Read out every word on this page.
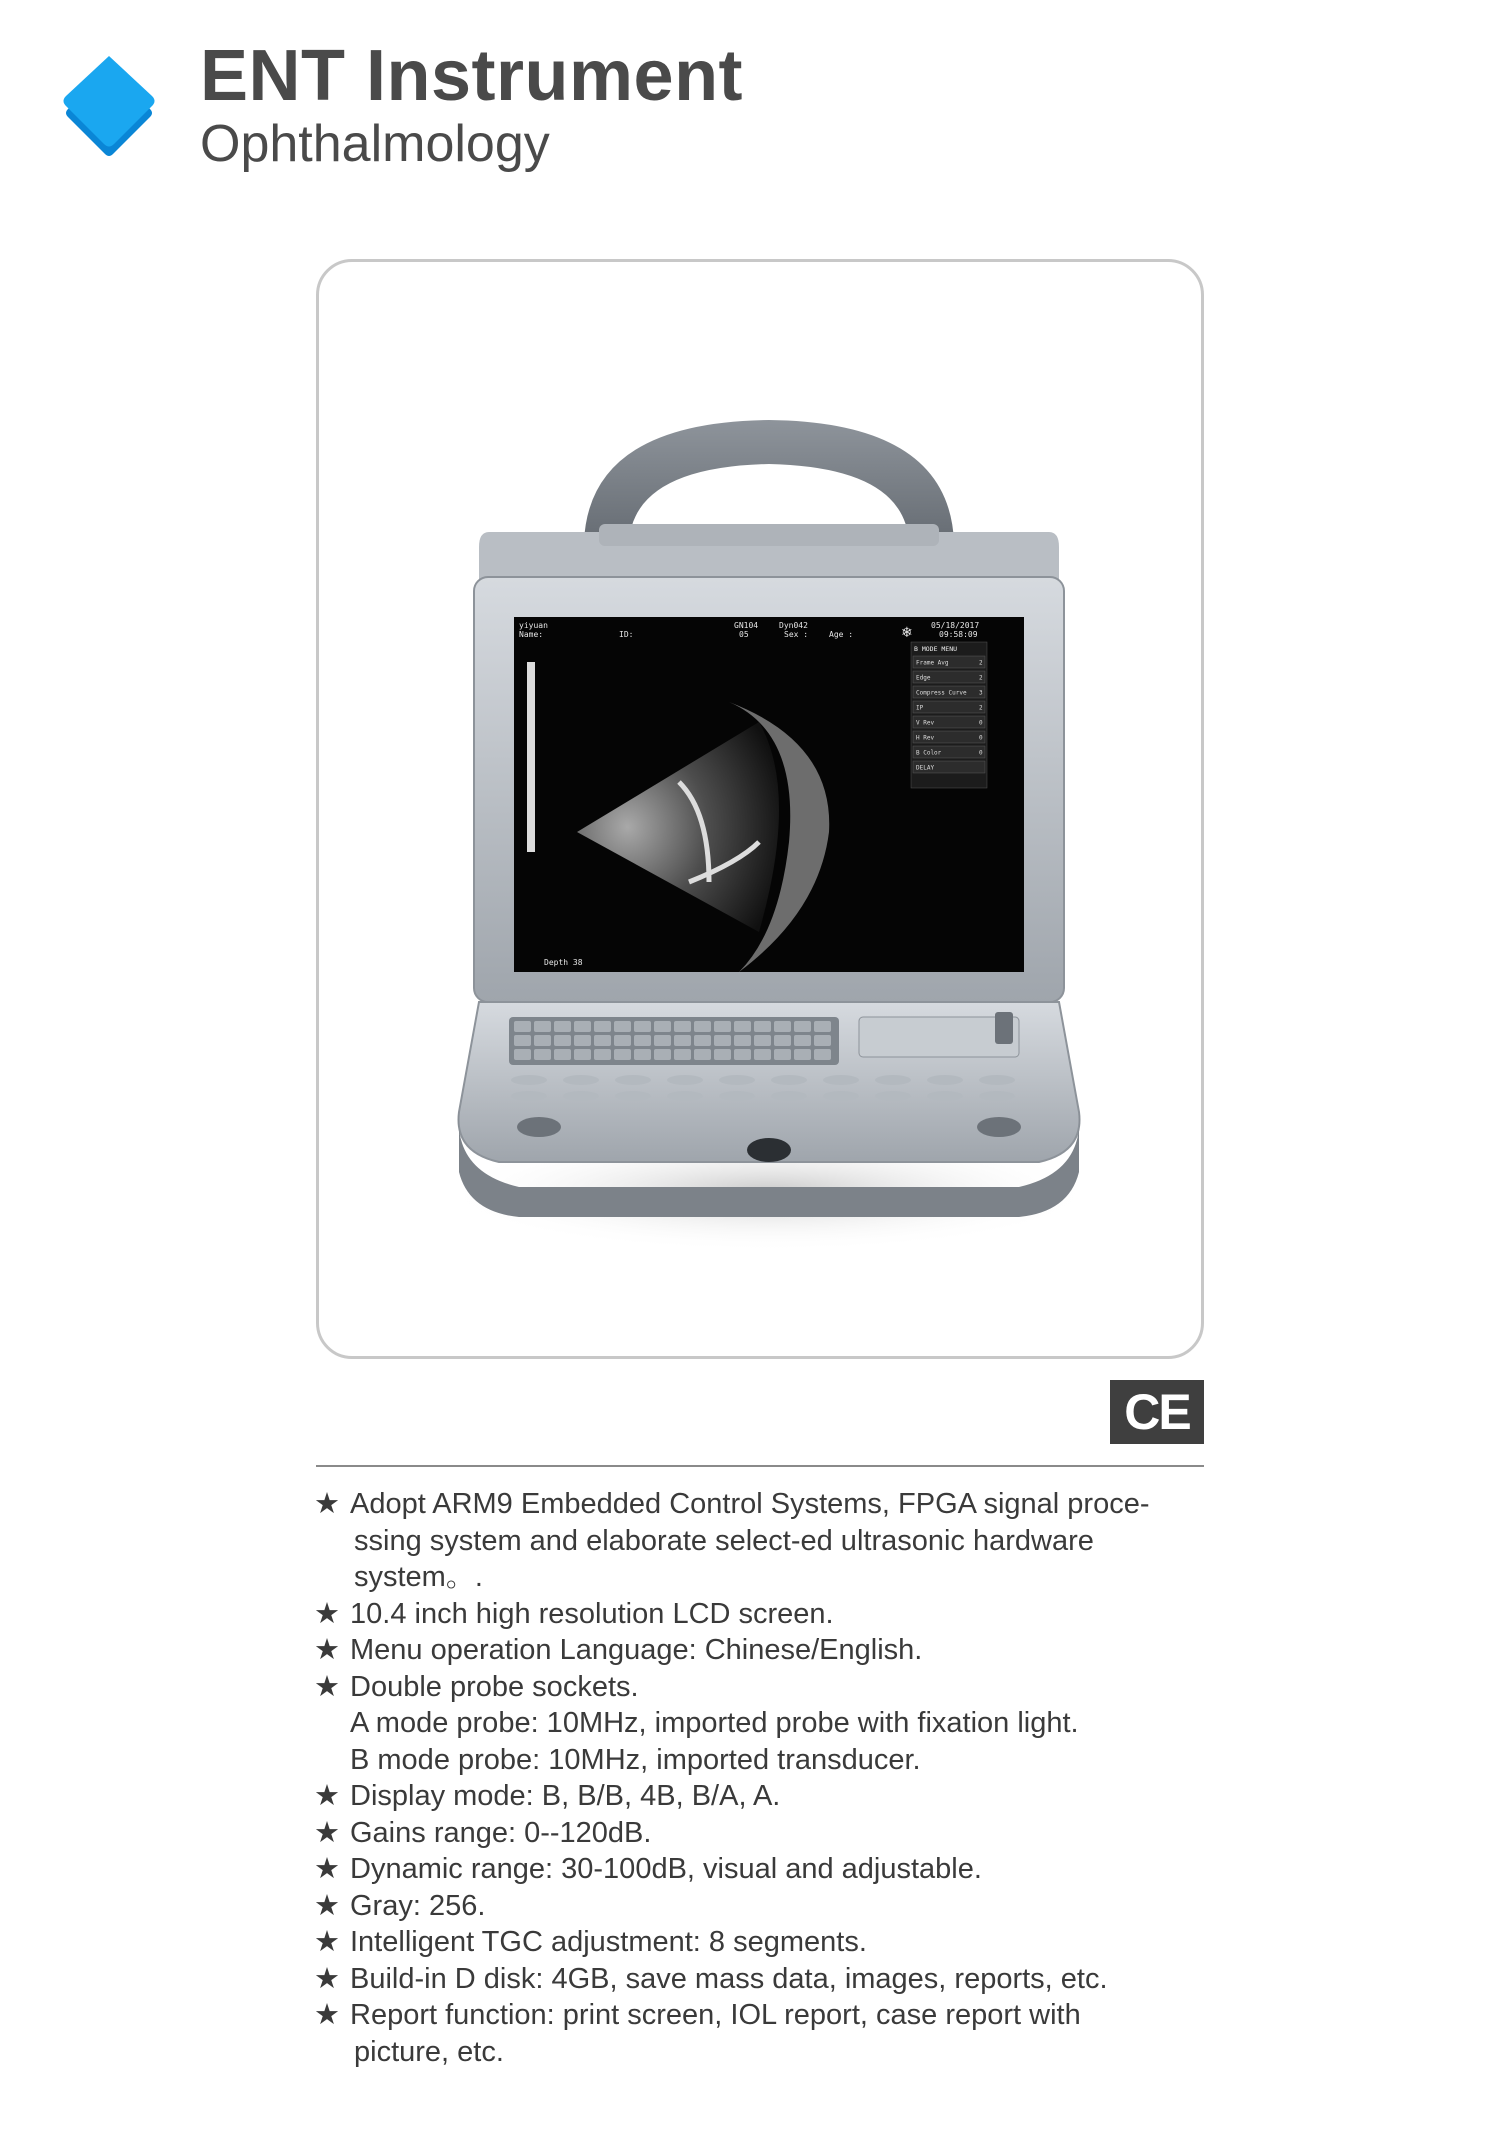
ENT Instrument
Ophthalmology
yiyuan
Name:	ID:
GN104	Dyn042
05	Sex :	Age :
05/18/2017
09:58:09
Depth 38
❄
B MODE MENU
Frame Avg	2
Edge	2
Compress Curve 3
IP	2
V Rev	0
H Rev	0
B Color	0
DELAY
CE
★ Adopt ARM9 Embedded Control Systems, FPGA signal proce-
ssing system and elaborate select-ed ultrasonic hardware
system。.
★ 10.4 inch high resolution LCD screen.
★ Menu operation Language: Chinese/English.
★ Double probe sockets.
A mode probe: 10MHz, imported probe with fixation light.
B mode probe: 10MHz, imported transducer.
★ Display mode: B, B/B, 4B, B/A, A.
★ Gains range: 0--120dB.
★ Dynamic range: 30-100dB, visual and adjustable.
★ Gray: 256.
★ Intelligent TGC adjustment: 8 segments.
★ Build-in D disk: 4GB, save mass data, images, reports, etc.
★ Report function: print screen, IOL report, case report with
picture, etc.
